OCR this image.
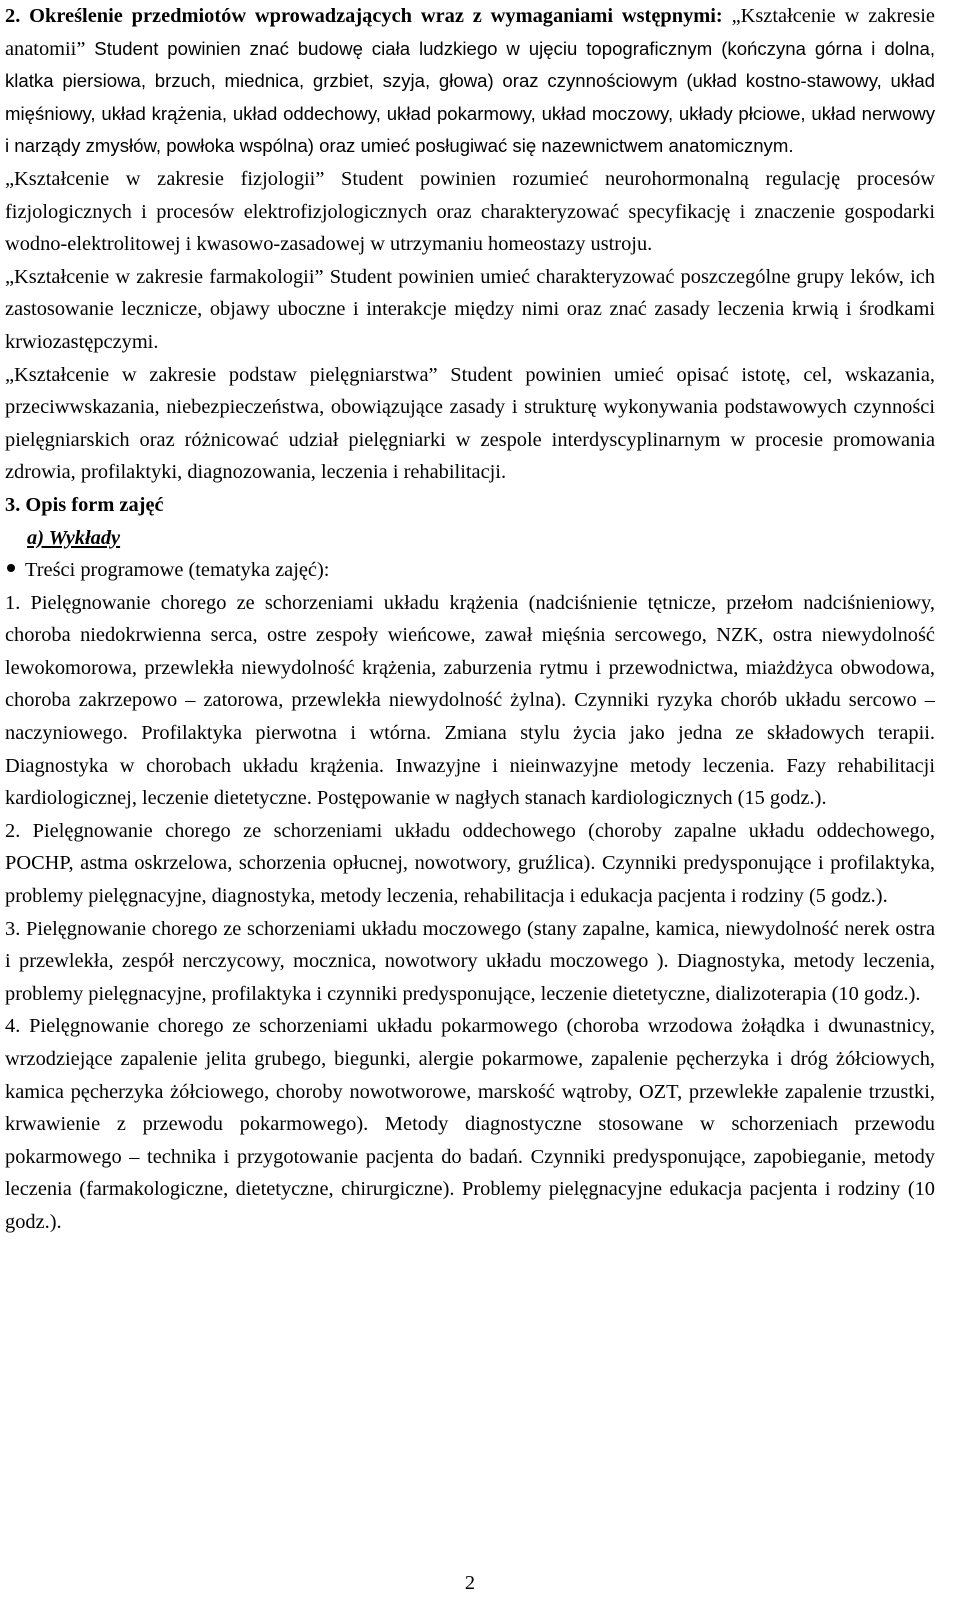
2. Określenie przedmiotów wprowadzających wraz z wymaganiami wstępnymi: „Kształcenie w zakresie anatomii” Student powinien znać budowę ciała ludzkiego w ujęciu topograficznym (kończyna górna i dolna, klatka piersiowa, brzuch, miednica, grzbiet, szyja, głowa) oraz czynnościowym (układ kostno-stawowy, układ mięśniowy, układ krążenia, układ oddechowy, układ pokarmowy, układ moczowy, układy płciowe, układ nerwowy i narządy zmysłów, powłoka wspólna) oraz umieć posługiwać się nazewnictwem anatomicznym.

„Kształcenie w zakresie fizjologii” Student powinien rozumieć neurohormonalną regulację procesów fizjologicznych i procesów elektrofizjologicznych oraz charakteryzować specyfikację i znaczenie gospodarki wodno-elektrolitowej i kwasowo-zasadowej w utrzymaniu homeostazy ustroju.

„Kształcenie w zakresie farmakologii” Student powinien umieć charakteryzować poszczególne grupy leków, ich zastosowanie lecznicze, objawy uboczne i interakcje między nimi oraz znać zasady leczenia krwią i środkami krwiozastępczymi.

„Kształcenie w zakresie podstaw pielęgniarstwa” Student powinien umieć opisać istotę, cel, wskazania, przeciwwskazania, niebezpieczeństwa, obowiązujące zasady i strukturę wykonywania podstawowych czynności pielęgniarskich oraz różnicować udział pielęgniarki w zespole interdyscyplinarnym w procesie promowania zdrowia, profilaktyki, diagnozowania, leczenia i rehabilitacji.

3. Opis form zajęć

a) Wykłady

Treści programowe (tematyka zajęć):

1. Pielęgnowanie chorego ze schorzeniami układu krążenia (nadciśnienie tętnicze, przełom nadciśnieniowy, choroba niedokrwienna serca, ostre zespoły wieńcowe, zawał mięśnia sercowego, NZK, ostra niewydolność lewokomorowa, przewlekła niewydolność krążenia, zaburzenia rytmu i przewodnictwa, miażdżyca obwodowa, choroba zakrzepowo – zatorowa, przewlekła niewydolność żylna). Czynniki ryzyka chorób układu sercowo – naczyniowego. Profilaktyka pierwotna i wtórna. Zmiana stylu życia jako jedna ze składowych terapii. Diagnostyka w chorobach układu krążenia. Inwazyjne i nieinwazyjne metody leczenia. Fazy rehabilitacji kardiologicznej, leczenie dietetyczne. Postępowanie w nagłych stanach kardiologicznych (15 godz.).

2. Pielęgnowanie chorego ze schorzeniami układu oddechowego (choroby zapalne układu oddechowego, POCHP, astma oskrzelowa, schorzenia opłucnej, nowotwory, gruźlica). Czynniki predysponujące i profilaktyka, problemy pielęgnacyjne, diagnostyka, metody leczenia, rehabilitacja i edukacja pacjenta i rodziny (5 godz.).

3. Pielęgnowanie chorego ze schorzeniami układu moczowego (stany zapalne, kamica, niewydolność nerek ostra i przewlekła, zespół nerczycowy, mocznica, nowotwory układu moczowego ). Diagnostyka, metody leczenia, problemy pielęgnacyjne, profilaktyka i czynniki predysponujące, leczenie dietetyczne, dializoterapia (10 godz.).

4. Pielęgnowanie chorego ze schorzeniami układu pokarmowego (choroba wrzodowa żołądka i dwunastnicy, wrzodziejące zapalenie jelita grubego, biegunki, alergie pokarmowe, zapalenie pęcherzyka i dróg żółciowych, kamica pęcherzyka żółciowego, choroby nowotworowe, marskość wątroby, OZT, przewlekłe zapalenie trzustki, krwawienie z przewodu pokarmowego). Metody diagnostyczne stosowane w schorzeniach przewodu pokarmowego – technika i przygotowanie pacjenta do badań. Czynniki predysponujące, zapobieganie, metody leczenia (farmakologiczne, dietetyczne, chirurgiczne). Problemy pielęgnacyjne edukacja pacjenta i rodziny (10 godz.).

2
